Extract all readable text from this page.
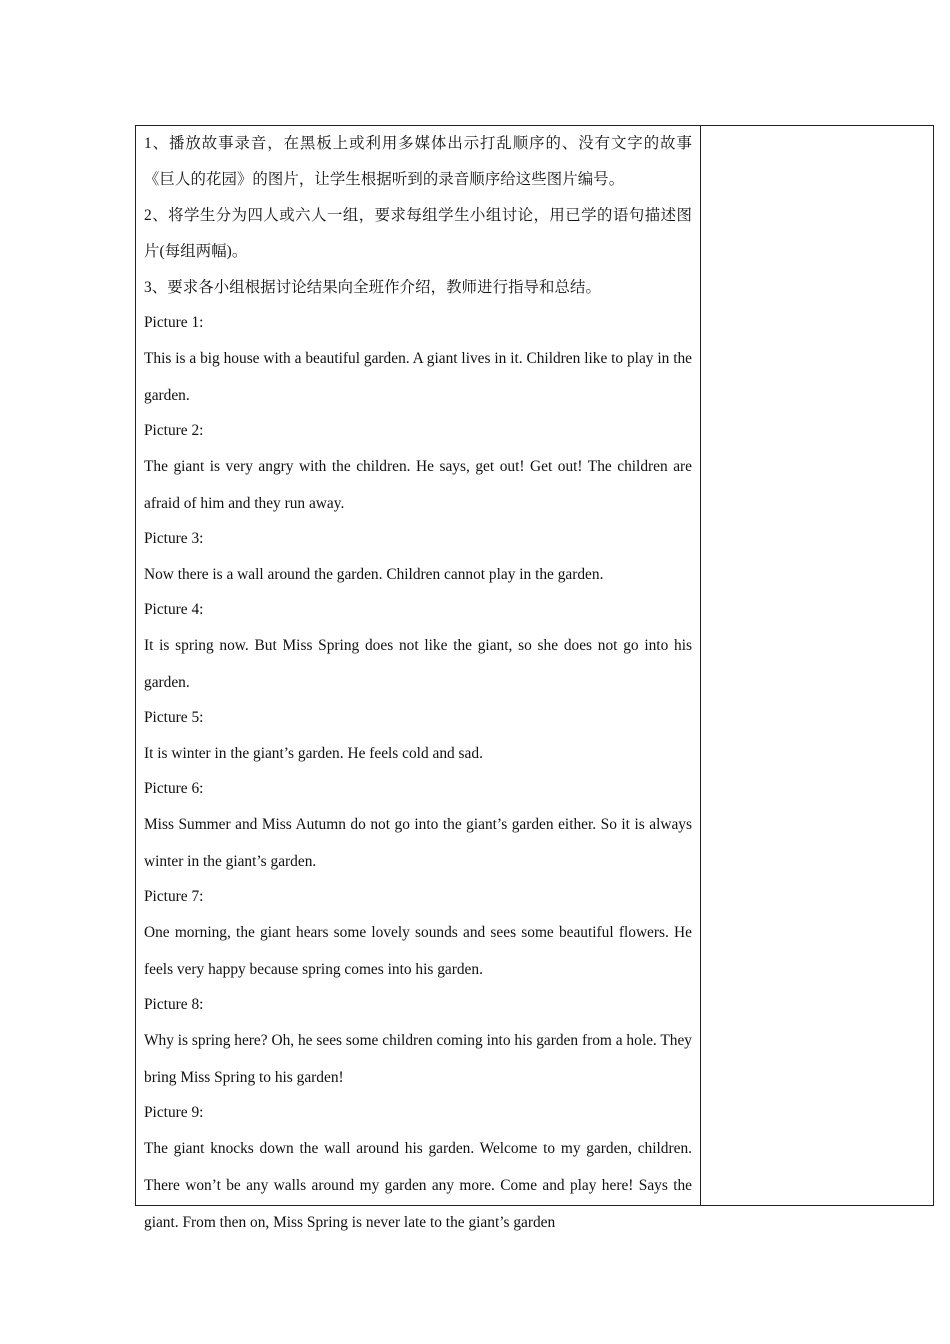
1、播放故事录音，在黑板上或利用多媒体出示打乱顺序的、没有文字的故事《巨人的花园》的图片，让学生根据听到的录音顺序给这些图片编号。

2、将学生分为四人或六人一组，要求每组学生小组讨论，用已学的语句描述图片(每组两幅)。

3、要求各小组根据讨论结果向全班作介绍，教师进行指导和总结。

Picture 1:

This is a big house with a beautiful garden. A giant lives in it. Children like to play in the garden.

Picture 2:

The giant is very angry with the children. He says, get out! Get out! The children are afraid of him and they run away.

Picture 3:

Now there is a wall around the garden. Children cannot play in the garden.

Picture 4:

It is spring now. But Miss Spring does not like the giant, so she does not go into his garden.

Picture 5:

It is winter in the giant’s garden. He feels cold and sad.

Picture 6:

Miss Summer and Miss Autumn do not go into the giant’s garden either. So it is always winter in the giant’s garden.

Picture 7:

One morning, the giant hears some lovely sounds and sees some beautiful flowers. He feels very happy because spring comes into his garden.

Picture 8:

Why is spring here? Oh, he sees some children coming into his garden from a hole. They bring Miss Spring to his garden!

Picture 9:

The giant knocks down the wall around his garden. Welcome to my garden, children. There won’t be any walls around my garden any more. Come and play here! Says the giant. From then on, Miss Spring is never late to the giant’s garden
